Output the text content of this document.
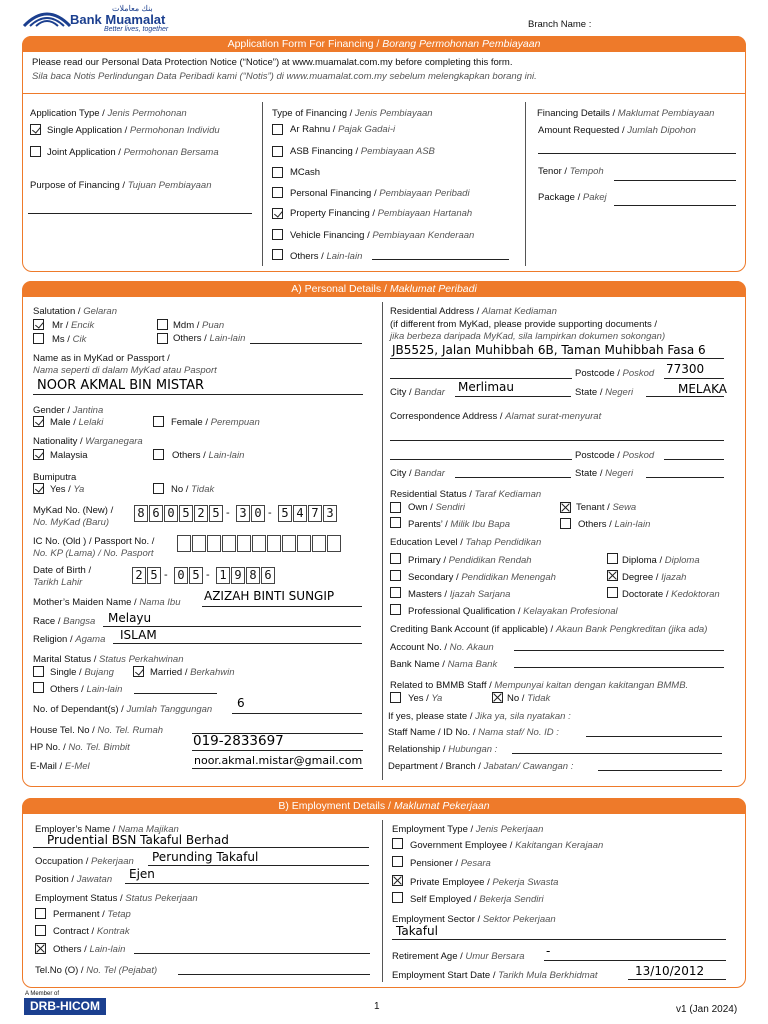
بنك معاملات
Bank Muamalat
Better lives, together	Branch Name :
Application Form For Financing / Borang Permohonan Pembiayaan
Please read our Personal Data Protection Notice (“Notice”) at www.muamalat.com.my before completing this form.
Sila baca Notis Perlindungan Data Peribadi kami (“Notis”) di www.muamalat.com.my sebelum melengkapkan borang ini.
Application Type / Jenis Permohonan
Single Application / Permohonan Individu
Joint Application / Permohonan Bersama
Purpose of Financing / Tujuan Pembiayaan
Type of Financing / Jenis Pembiayaan
Ar Rahnu / Pajak Gadai-i
ASB Financing / Pembiayaan ASB
MCash
Personal Financing / Pembiayaan Peribadi
Property Financing / Pembiayaan Hartanah
Vehicle Financing / Pembiayaan Kenderaan
Others / Lain-lain
Financing Details / Maklumat Pembiayaan
Amount Requested / Jumlah Dipohon
Tenor / Tempoh
Package / Pakej
A) Personal Details / Maklumat Peribadi
Salutation / Gelaran
Mr / Encik	Mdm / Puan
Ms / Cik	Others / Lain-lain
Name as in MyKad or Passport /
Nama seperti di dalam MyKad atau Pasport
NOOR AKMAL BIN MISTAR
Gender / Jantina
Male / Lelaki	Female / Perempuan
Nationality / Warganegara
Malaysia	Others / Lain-lain
Bumiputra
Yes / Ya	No / Tidak
MyKad No. (New) /
No. MyKad (Baru)
8 6 0 5 2 5 - 3 0 - 5 4 7 3
IC No. (Old ) / Passport No. /
No. KP (Lama) / No. Pasport
Date of Birth /
Tarikh Lahir
2 5 - 0 5 - 1 9 8 6
Mother’s Maiden Name / Nama Ibu AZIZAH BINTI SUNGIP
Race / Bangsa Melayu
Religion / Agama ISLAM
Marital Status / Status Perkahwinan
Single / Bujang	Married / Berkahwin
Others / Lain-lain
No. of Dependant(s) / Jumlah Tanggungan 6
House Tel. No / No. Tel. Rumah
HP No. / No. Tel. Bimbit	019-2833697
E-Mail / E-Mel	noor.akmal.mistar@gmail.com
Residential Address / Alamat Kediaman
(if different from MyKad, please provide supporting documents /
jika berbeza daripada MyKad, sila lampirkan dokumen sokongan)
JB5525, Jalan Muhibbah 6B, Taman Muhibbah Fasa 6
Postcode / Poskod 77300
City / Bandar Merlimau	State / Negeri	MELAKA
Correspondence Address / Alamat surat-menyurat
Postcode / Poskod
City / Bandar	State / Negeri
Residential Status / Taraf Kediaman
Own / Sendiri	Tenant / Sewa
Parents’ / Milik Ibu Bapa	Others / Lain-lain
Education Level / Tahap Pendidikan
Primary / Pendidikan Rendah	Diploma / Diploma
Secondary / Pendidikan Menengah	Degree / Ijazah
Masters / Ijazah Sarjana	Doctorate / Kedoktoran
Professional Qualification / Kelayakan Profesional
Crediting Bank Account (if applicable) / Akaun Bank Pengkreditan (jika ada)
Account No. / No. Akaun
Bank Name / Nama Bank
Related to BMMB Staff / Mempunyai kaitan dengan kakitangan BMMB.
Yes / Ya	No / Tidak
If yes, please state / Jika ya, sila nyatakan :
Staff Name / ID No. / Nama staf/ No. ID :
Relationship / Hubungan :
Department / Branch / Jabatan/ Cawangan :
B) Employment Details / Maklumat Pekerjaan
Employer’s Name / Nama Majikan
Prudential BSN Takaful Berhad
Occupation / Pekerjaan Perunding Takaful
Position / Jawatan Ejen
Employment Status / Status Pekerjaan
Permanent / Tetap
Contract / Kontrak
Others / Lain-lain
Tel.No (O) / No. Tel (Pejabat)
Employment Type / Jenis Pekerjaan
Government Employee / Kakitangan Kerajaan
Pensioner / Pesara
Private Employee / Pekerja Swasta
Self Employed / Bekerja Sendiri
Employment Sector / Sektor Pekerjaan
Takaful
Retirement Age / Umur Bersara -
Employment Start Date / Tarikh Mula Berkhidmat	13/10/2012
A Member of
DRB-HICOM	1	v1 (Jan 2024)
